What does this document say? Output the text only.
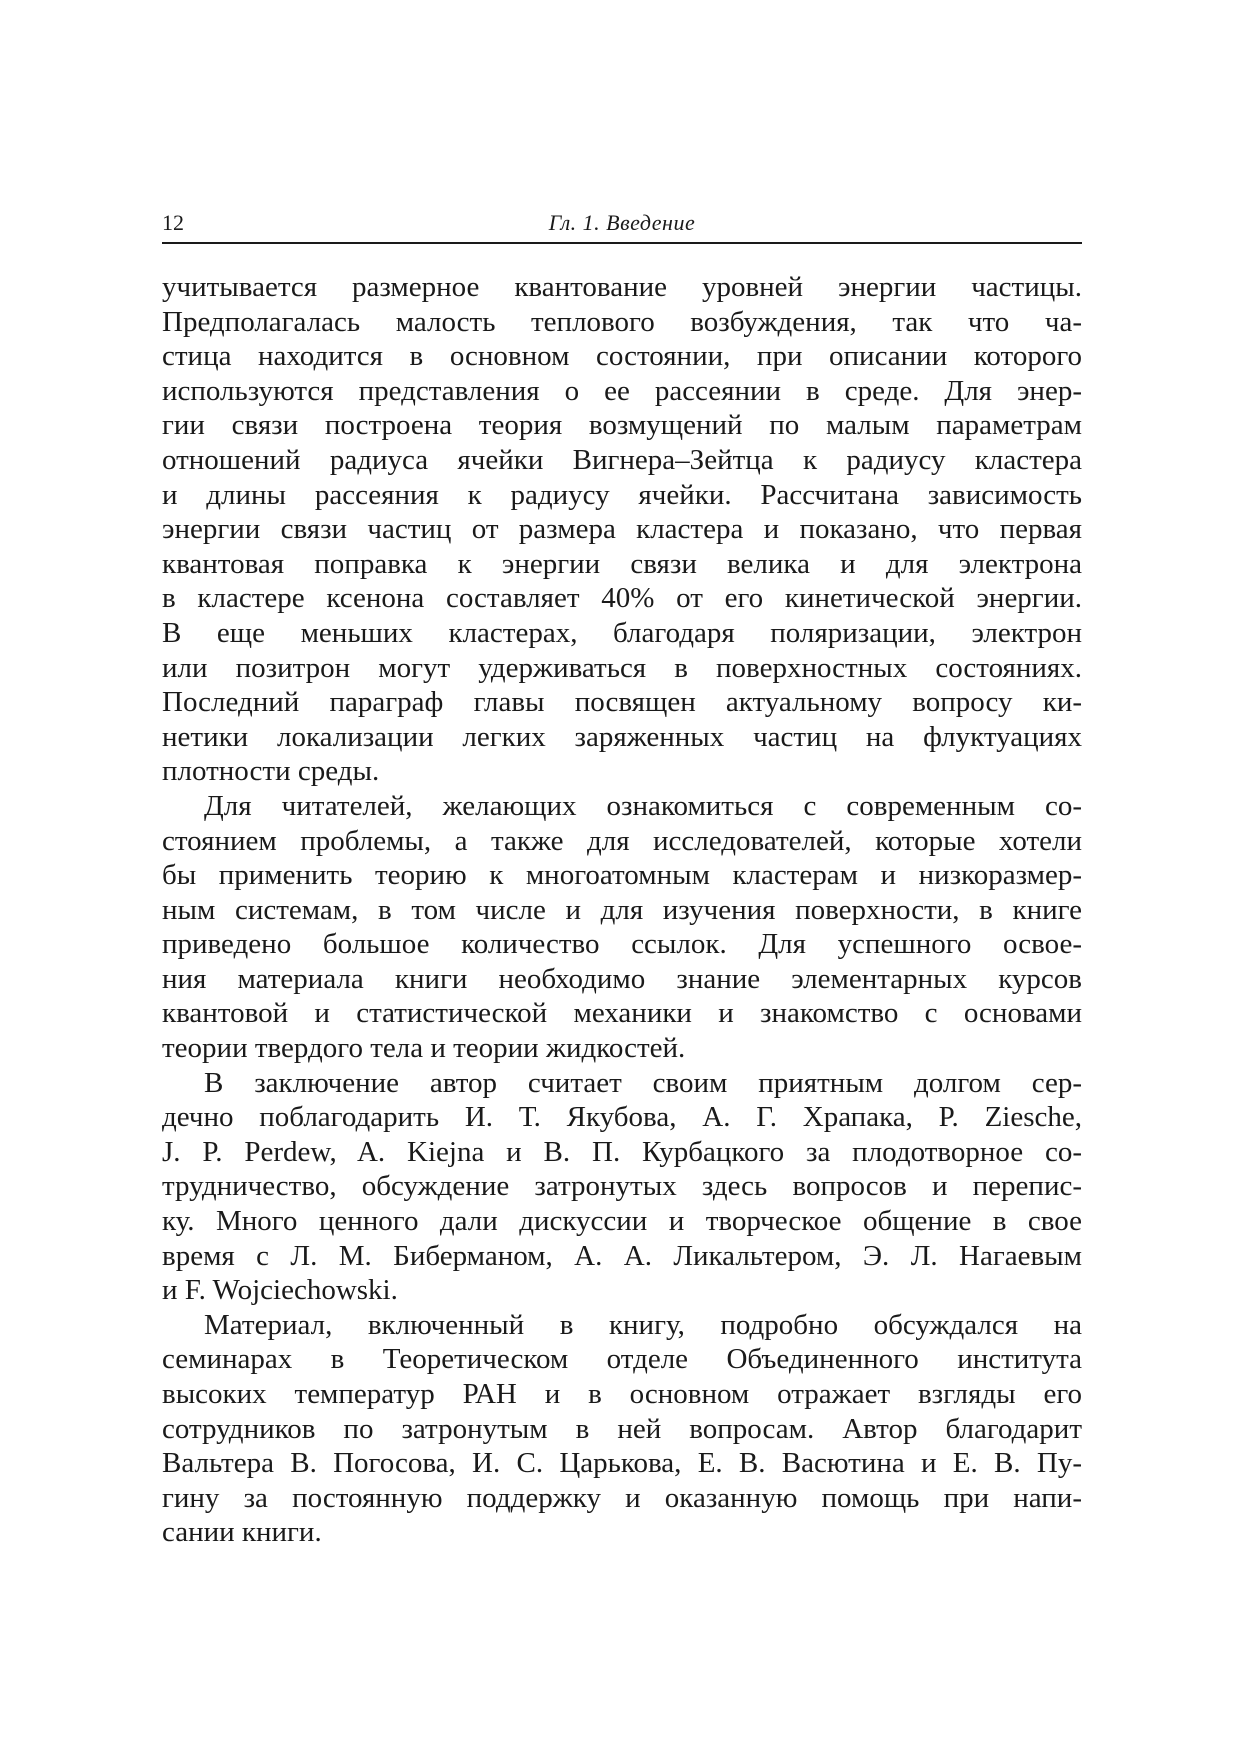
12	Гл. 1. Введение
учитывается размерное квантование уровней энергии частицы.
Предполагалась малость теплового возбуждения, так что ча-
стица находится в основном состоянии, при описании которого
используются представления о ее рассеянии в среде. Для энер-
гии связи построена теория возмущений по малым параметрам
отношений радиуса ячейки Вигнера–Зейтца к радиусу кластера
и длины рассеяния к радиусу ячейки. Рассчитана зависимость
энергии связи частиц от размера кластера и показано, что первая
квантовая поправка к энергии связи велика и для электрона
в кластере ксенона составляет 40% от его кинетической энергии.
В еще меньших кластерах, благодаря поляризации, электрон
или позитрон могут удерживаться в поверхностных состояниях.
Последний параграф главы посвящен актуальному вопросу ки-
нетики локализации легких заряженных частиц на флуктуациях
плотности среды.
Для читателей, желающих ознакомиться с современным со-
стоянием проблемы, а также для исследователей, которые хотели
бы применить теорию к многоатомным кластерам и низкоразмер-
ным системам, в том числе и для изучения поверхности, в книге
приведено большое количество ссылок. Для успешного освое-
ния материала книги необходимо знание элементарных курсов
квантовой и статистической механики и знакомство с основами
теории твердого тела и теории жидкостей.
В заключение автор считает своим приятным долгом сер-
дечно поблагодарить И. Т. Якубова, А. Г. Храпака, P. Ziesche,
J. P. Perdew, A. Kiejna и В. П. Курбацкого за плодотворное со-
трудничество, обсуждение затронутых здесь вопросов и перепис-
ку. Много ценного дали дискуссии и творческое общение в свое
время с Л. М. Биберманом, А. А. Ликальтером, Э. Л. Нагаевым
и F. Wojciechowski.
Материал, включенный в книгу, подробно обсуждался на
семинарах в Теоретическом отделе Объединенного института
высоких температур РАН и в основном отражает взгляды его
сотрудников по затронутым в ней вопросам. Автор благодарит
Вальтера В. Погосова, И. С. Царькова, Е. В. Васютина и Е. В. Пу-
гину за постоянную поддержку и оказанную помощь при напи-
сании книги.
